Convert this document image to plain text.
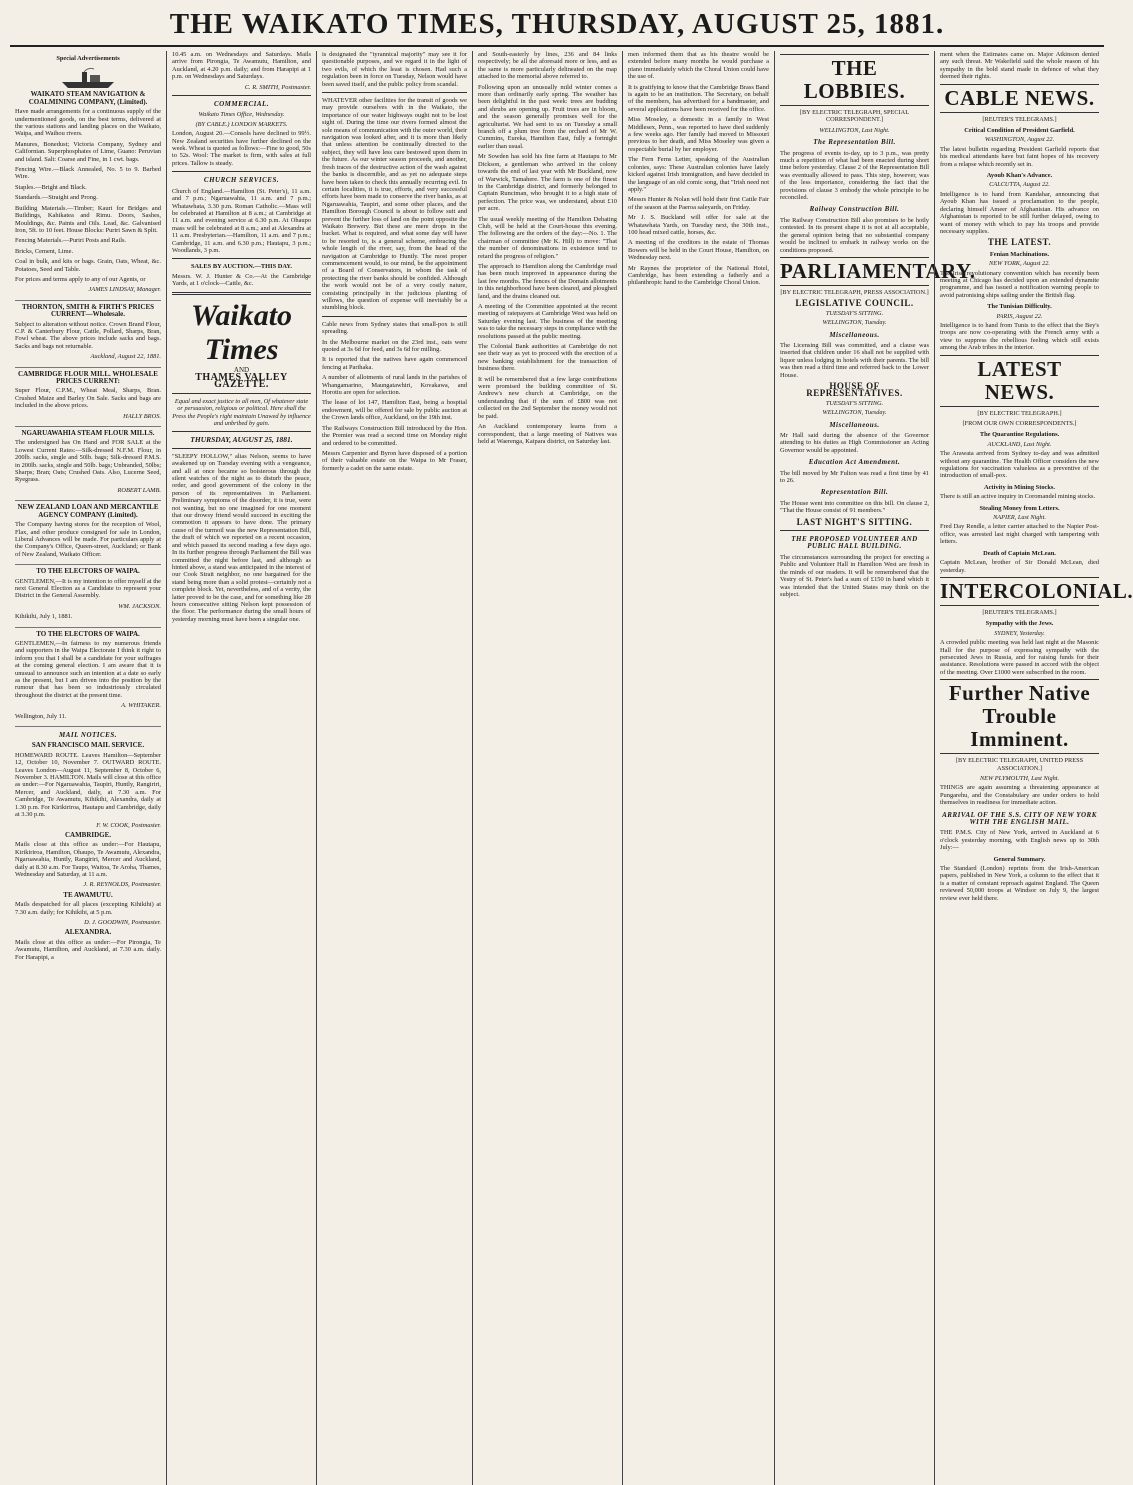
THE WAIKATO TIMES, THURSDAY, AUGUST 25, 1881.
Special Advertisements
WAIKATO STEAM NAVIGATION & COALMINING COMPANY, (Limited).

Have made arrangements for a continuous supply of the undermentioned goods, on the best terms, delivered at the various stations and landing places on the Waikato, Waipa, and Waihou rivers.

Manures, Bonedust; Victoria Company, Sydney and Californian. Superphosphates of Lime, Guano: Peruvian and island. Salt: Coarse and Fine, in 1 cwt. bags.

Fencing Wire.—Black Annealed, No. 5 to 9. Barbed Wire.

Staples.—Bright and Black.

Standards.—Straight and Prong.

Building Materials.—Timber; Kauri for Bridges and Buildings, Kahikatea and Rimu. Doors, Sashes, Mouldings, &c. Paints and Oils. Lead, &c. Galvanised Iron, 5ft. to 10 feet. House Blocks: Puriri Sawn & Split.

Fencing Materials.—Puriri Posts and Rails.

Bricks, Cement, Lime.

Coal in bulk, and kits or bags. Grain, Oats, Wheat, &c. Potatoes, Seed and Table.

For prices and terms apply to any of our Agents, or

JAMES LINDSAY, Manager.
THORNTON, SMITH & FIRTH'S PRICES CURRENT—Wholesale.

Subject to alteration without notice. Crown Brand Flour, C.P. & Canterbury Flour, Cattle, Pollard, Sharps, Bran, Fowl wheat. The above prices include sacks and bags. Sacks and bags not returnable.

Auckland, August 22, 1881.
CAMBRIDGE FLOUR MILL. WHOLESALE PRICES CURRENT:

Super Flour, C.P.M., Wheat Meal, Sharps, Bran. Crushed Maize and Barley On Sale. Sacks and bags are included in the above prices.

HALLY BROS.
NGARUAWAHIA STEAM FLOUR MILLS.

The undersigned has On Hand and FOR SALE at the Lowest Current Rates:—Silk-dressed N.F.M. Flour, in 200lb. sacks, single and 50lb. bags; Silk-dressed P.M.S. in 200lb. sacks, single and 50lb. bags; Unbranded, 50lbs; Sharps; Bran; Oats; Crushed Oats. Also, Lucerne Seed, Ryegrass.

ROBERT LAMB.
NEW ZEALAND LOAN AND MERCANTILE AGENCY COMPANY (Limited).

The Company having stores for the reception of Wool, Flax, and other produce consigned for sale in London, Liberal Advances will be made. For particulars apply at the Company's Office, Queen-street, Auckland; or Bank of New Zealand, Waikato Officer.

TO THE ELECTORS OF WAIPA.

GENTLEMEN,—It is my intention to offer myself at the next General Election as a Candidate to represent your District in the General Assembly.

WM. JACKSON.

Kihikihi, July 1, 1881.

TO THE ELECTORS OF WAIPA.

GENTLEMEN,—In fairness to my numerous friends and supporters in the Waipa Electorate I think it right to inform you that I shall be a candidate for your suffrages at the coming general election. I am aware that it is unusual to announce such an intention at a date so early as the present, but I am driven into the position by the rumour that has been so industriously circulated throughout the district at the present time.

A. WHITAKER.

Wellington, July 11.

MAIL NOTICES.
SAN FRANCISCO MAIL SERVICE.

HOMEWARD ROUTE. Leaves Hamilton—September 12, October 10, November 7. OUTWARD ROUTE. Leaves London—August 11, September 8, October 6, November 3. HAMILTON. Mails will close at this office as under:—For Ngaruawahia, Taupiri, Huntly, Rangiriri, Mercer, and Auckland, daily, at 7.30 a.m. For Cambridge, Te Awamutu, Kihikihi, Alexandra, daily at 1.30 p.m. For Kirikiriroa, Hautapu and Cambridge, daily at 3.30 p.m.

F. W. COOK, Postmaster.
CAMBRIDGE.

Mails close at this office as under:—For Hautapu, Kirikiriroa, Hamilton, Ohaupo, Te Awamutu, Alexandra, Ngaruawahia, Huntly, Rangiriri, Mercer and Auckland, daily at 8.30 a.m. For Taupo, Waitoa, Te Aroha, Thames, Wednesday and Saturday, at 11 a.m.

J. R. REYNOLDS, Postmaster.
TE AWAMUTU.

Mails despatched for all places (excepting Kihikihi) at 7.30 a.m. daily; for Kihikihi, at 5 p.m.

D. J. GOODWIN, Postmaster.
ALEXANDRA.

Mails close at this office as under:—For Pirongia, Te Awamutu, Hamilton, and Auckland, at 7.30 a.m. daily. For Harapipi, a

10.45 a.m. on Wednesdays and Saturdays. Mails arrive from Pirongia, Te Awamutu, Hamilton, and Auckland, at 4.20 p.m. daily; and from Harapipi at 1 p.m. on Wednesdays and Saturdays.

C. R. SMITH, Postmaster.
COMMERCIAL.
Waikato Times Office, Wednesday.
(BY CABLE.) LONDON MARKETS.

London, August 20.—Consols have declined to 99½. New Zealand securities have further declined on the week. Wheat is quoted as follows:—Fine to good, 50s to 52s. Wool: The market is firm, with sales at full prices. Tallow is steady.

CHURCH SERVICES.

Church of England.—Hamilton (St. Peter's), 11 a.m. and 7 p.m.; Ngaruawahia, 11 a.m. and 7 p.m.; Whatawhata, 3.30 p.m. Roman Catholic.—Mass will be celebrated at Hamilton at 8 a.m.; at Cambridge at 11 a.m. and evening service at 6.30 p.m. At Ohaupo mass will be celebrated at 8 a.m.; and at Alexandra at 11 a.m. Presbyterian.—Hamilton, 11 a.m. and 7 p.m.; Cambridge, 11 a.m. and 6.30 p.m.; Hautapu, 3 p.m.; Woodlands, 3 p.m.

SALES BY AUCTION.—THIS DAY.

Messrs. W. J. Hunter & Co.—At the Cambridge Yards, at 1 o'clock—Cattle, &c.

Waikato Times
AND
THAMES VALLEY GAZETTE.
Equal and exact justice to all men, Of whatever state or persuasion, religious or political. Here shall the Press the People's right maintain Unawed by influence and unbribed by gain.
THURSDAY, AUGUST 25, 1881.

"SLEEPY HOLLOW," alias Nelson, seems to have awakened up on Tuesday evening with a vengeance, and all at once became so boisterous through the silent watches of the night as to disturb the peace, order, and good government of the colony in the person of its representatives in Parliament. Preliminary symptoms of the disorder, it is true, were not wanting, but no one imagined for one moment that our drowsy friend would succeed in exciting the commotion it appears to have done. The primary cause of the turmoil was the new Representation Bill, the draft of which we reported on a recent occasion, and which passed its second reading a few days ago. In its further progress through Parliament the Bill was committed the night before last, and although as hinted above, a stand was anticipated in the interest of our Cook Strait neighbor, no one bargained for the stand being more than a solid protest—certainly not a complete block. Yet, nevertheless, and of a verity, the latter proved to be the case, and for something like 28 hours consecutive sitting Nelson kept possession of the floor. The performance during the small hours of yesterday morning must have been a singular one.

is designated the "tyrannical majority" may see it for questionable purposes, and we regard it in the light of two evils, of which the least is chosen. Had such a regulation been in force on Tuesday, Nelson would have been saved itself, and the public policy from scandal.

WHATEVER other facilities for the transit of goods we may provide ourselves with in the Waikato, the importance of our water highways ought not to be lost sight of. During the time our rivers formed almost the sole means of communication with the outer world, their navigation was looked after, and it is more than likely that unless attention be continually directed to the subject, they will have less care bestowed upon them in the future. As our winter season proceeds, and another, fresh traces of the destructive action of the wash against the banks is discernible, and as yet no adequate steps have been taken to check this annually recurring evil. In certain localities, it is true, efforts, and very successful efforts have been made to conserve the river banks, as at Ngaruawahia, Taupiri, and some other places, and the Hamilton Borough Council is about to follow suit and prevent the further loss of land on the point opposite the Waikato Brewery. But these are mere drops in the bucket. What is required, and what some day will have to be resorted to, is a general scheme, embracing the whole length of the river, say, from the head of the navigation at Cambridge to Huntly. The most proper commencement would, to our mind, be the appointment of a Board of Conservators, in whom the task of protecting the river banks should be confided. Although the work would not be of a very costly nature, consisting principally in the judicious planting of willows, the question of expense will inevitably be a stumbling block.

Cable news from Sydney states that small-pox is still spreading.

In the Melbourne market on the 23rd inst., oats were quoted at 3s 6d for feed, and 3s 6d for milling.

It is reported that the natives have again commenced fencing at Parihaka.

A number of allotments of rural lands in the parishes of Whangamarino, Maungatawhiri, Kovakawa, and Horotiu are open for selection.

The lease of lot 147, Hamilton East, being a hospital endowment, will be offered for sale by public auction at the Crown lands office, Auckland, on the 19th inst.

The Railways Construction Bill introduced by the Hon. the Premier was read a second time on Monday night and ordered to be committed.

Messrs Carpenter and Byron have disposed of a portion of their valuable estate on the Waipa to Mr Fraser, formerly a cadet on the same estate.

and South-easterly by lines, 236 and 84 links respectively; be all the aforesaid more or less, and as the same is more particularly delineated on the map attached to the memorial above referred to.

Following upon an unusually mild winter comes a more than ordinarily early spring. The weather has been delightful in the past week: trees are budding and shrubs are opening up. Fruit trees are in bloom, and the season generally promises well for the agriculturist. We had sent to us on Tuesday a small branch off a plum tree from the orchard of Mr W. Cummins, Eureka, Hamilton East, fully a fortnight earlier than usual.

Mr Sowden has sold his fine farm at Hautapu to Mr Dickson, a gentleman who arrived in the colony towards the end of last year with Mr Buckland, now of Warwick, Tamahere. The farm is one of the finest in the Cambridge district, and formerly belonged to Captain Runciman, who brought it to a high state of perfection. The price was, we understand, about £10 per acre.

The usual weekly meeting of the Hamilton Debating Club, will be held at the Court-house this evening. The following are the orders of the day:—No. 1. The chairman of committee (Mr K. Hill) to move: "That the number of denominations in existence tend to retard the progress of religion."

The approach to Hamilton along the Cambridge road has been much improved in appearance during the last few months. The fences of the Domain allotments in this neighborhood have been cleared, and ploughed land, and the drains cleaned out.

A meeting of the Committee appointed at the recent meeting of ratepayers at Cambridge West was held on Saturday evening last. The business of the meeting was to take the necessary steps in compliance with the resolutions passed at the public meeting.

The Colonial Bank authorities at Cambridge do not see their way as yet to proceed with the erection of a new banking establishment for the transaction of business there.

It will be remembered that a few large contributions were promised the building committee of St. Andrew's new church at Cambridge, on the understanding that if the sum of £800 was not collected on the 2nd September the money would not be paid.

An Auckland contemporary learns from a correspondent, that a large meeting of Natives was held at Waerenga, Kaipara district, on Saturday last.

men informed them that as his theatre would be extended before many months he would purchase a piano immediately which the Choral Union could have the use of.

It is gratifying to know that the Cambridge Brass Band is again to be an institution. The Secretary, on behalf of the members, has advertised for a bandmaster, and several applications have been received for the office.

Miss Moseley, a domestic in a family in West Middlesex, Penn., was reported to have died suddenly a few weeks ago. Her family had moved to Missouri previous to her death, and Miss Moseley was given a respectable burial by her employer.

The Fern Ferns Letter, speaking of the Australian colonies, says: These Australian colonies have lately kicked against Irish immigration, and have decided in the language of an old comic song, that "Irish need not apply."

Messrs Hunter & Nolan will hold their first Cattle Fair of the season at the Paeroa saleyards, on Friday.

Mr J. S. Buckland will offer for sale at the Whatawhata Yards, on Tuesday next, the 30th inst., 100 head mixed cattle, horses, &c.

A meeting of the creditors in the estate of Thomas Bowers will be held in the Court House, Hamilton, on Wednesday next.

Mr Raynes the proprietor of the National Hotel, Cambridge, has been extending a fatherly and a philanthropic hand to the Cambridge Choral Union.

THE LOBBIES.
[BY ELECTRIC TELEGRAPH, SPECIAL CORRESPONDENT.]
WELLINGTON, Last Night.
The Representation Bill.

The progress of events to-day, up to 3 p.m., was pretty much a repetition of what had been enacted during short time before yesterday. Clause 2 of the Representation Bill was eventually allowed to pass. This step, however, was of the less importance, considering the fact that the provisions of clause 3 embody the whole principle to be reconciled.

Railway Construction Bill.

The Railway Construction Bill also promises to be hotly contested. In its present shape it is not at all acceptable, the general opinion being that no substantial company would be inclined to embark in railway works on the conditions proposed.

PARLIAMENTARY.
[BY ELECTRIC TELEGRAPH, PRESS ASSOCIATION.]
LEGISLATIVE COUNCIL.
TUESDAY'S SITTING.
WELLINGTON, Tuesday.
Miscellaneous.

The Licensing Bill was committed, and a clause was inserted that children under 16 shall not be supplied with liquor unless lodging in hotels with their parents. The bill was then read a third time and referred back to the Lower House.

HOUSE OF REPRESENTATIVES.
TUESDAY'S SITTING.
WELLINGTON, Tuesday.
Miscellaneous.

Mr Hall said during the absence of the Governor attending to his duties as High Commissioner an Acting Governor would be appointed.

Education Act Amendment.

The bill moved by Mr Fulton was read a first time by 41 to 26.

Representation Bill.

The House went into committee on this bill. On clause 2, "That the House consist of 91 members."

LAST NIGHT'S SITTING.
THE PROPOSED VOLUNTEER AND PUBLIC HALL BUILDING.

The circumstances surrounding the project for erecting a Public and Volunteer Hall in Hamilton West are fresh in the minds of our readers. It will be remembered that the Vestry of St. Peter's had a sum of £150 in hand which it was intended that the United States may think on the subject.

ment when the Estimates came on. Major Atkinson denied any such threat. Mr Wakefield said the whole reason of his sympathy in the bold stand made in defence of what they deemed their rights.

CABLE NEWS.
[REUTER'S TELEGRAMS.]
Critical Condition of President Garfield.
WASHINGTON, August 22.

The latest bulletin regarding President Garfield reports that his medical attendants have but faint hopes of his recovery from a relapse which recently set in.

Ayoub Khan's Advance.
CALCUTTA, August 22.

Intelligence is to hand from Kandahar, announcing that Ayoub Khan has issued a proclamation to the people, declaring himself Ameer of Afghanistan. His advance on Afghanistan is reported to be still further delayed, owing to want of money with which to pay his troops and provide necessary supplies.

THE LATEST.
Fenian Machinations.
NEW YORK, August 22.

The Irish revolutionary convention which has recently been meeting at Chicago has decided upon an extended dynamite programme, and has issued a notification warning people to avoid patronising ships sailing under the British flag.

The Tunisian Difficulty.
PARIS, August 22.

Intelligence is to hand from Tunis to the effect that the Bey's troops are now co-operating with the French army with a view to suppress the rebellious feeling which still exists among the Arab tribes in the interior.

LATEST NEWS.
[BY ELECTRIC TELEGRAPH.]
[FROM OUR OWN CORRESPONDENTS.]
The Quarantine Regulations.
AUCKLAND, Last Night.

The Arawata arrived from Sydney to-day and was admitted without any quarantine. The Health Officer considers the new regulations for vaccination valueless as a preventive of the introduction of small-pox.

Activity in Mining Stocks.

There is still an active inquiry in Coromandel mining stocks.

Stealing Money from Letters.
NAPIER, Last Night.

Fred Day Rendle, a letter carrier attached to the Napier Post-office, was arrested last night charged with tampering with letters.

Death of Captain McLean.

Captain McLean, brother of Sir Donald McLean, died yesterday.

INTERCOLONIAL.
[REUTER'S TELEGRAMS.]
Sympathy with the Jews.
SYDNEY, Yesterday.

A crowded public meeting was held last night at the Masonic Hall for the purpose of expressing sympathy with the persecuted Jews in Russia, and for raising funds for their assistance. Resolutions were passed in accord with the object of the meeting. Over £1000 were subscribed in the room.

Further Native Trouble Imminent.
[BY ELECTRIC TELEGRAPH, UNITED PRESS ASSOCIATION.]
NEW PLYMOUTH, Last Night.

THINGS are again assuming a threatening appearance at Pungarehu, and the Constabulary are under orders to hold themselves in readiness for immediate action.

ARRIVAL OF THE S.S. CITY OF NEW YORK WITH THE ENGLISH MAIL.

THE P.M.S. City of New York, arrived in Auckland at 6 o'clock yesterday morning, with English news up to 30th July:—

General Summary.

The Standard (London) reprints from the Irish-American papers, published in New York, a column to the effect that it is a matter of constant reproach against England. The Queen reviewed 50,000 troops at Windsor on July 9, the largest review ever held there.
